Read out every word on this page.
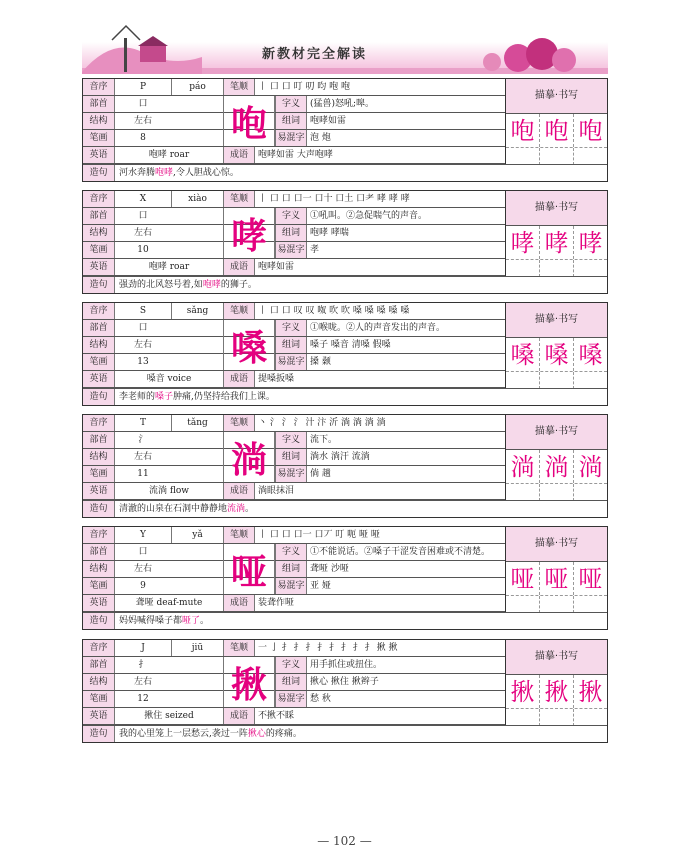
新教材完全解读
音序	P	páo	笔顺	丨 口 口 叮 叨 呁 咆 咆
部首	口	字义	(猛兽)怒吼;嗥。
结构	左右	组词	咆哮如雷
笔画	8	易混字 泡 炮
英语	咆哮 roar	成语	咆哮如雷 大声咆哮
咆
描摹·书写
咆 咆 咆
造句	河水奔腾咆哮,令人胆战心惊。
音序	X	xiào	笔顺	丨 口 口 口一 口十 口土 口耂 哮 哮 哮
部首	口	字义	①吼叫。②急促喘气的声音。
结构	左右	组词	咆哮 哮喘
笔画	10	易混字 孝
英语	咆哮 roar	成语	咆哮如雷
哮
描摹·书写
哮 哮 哮
造句	强劲的北风怒号着,如咆哮的狮子。
音序	S	sǎng	笔顺	丨 口 口 叹 叹 呶 吹 吹 嗓 嗓 嗓 嗓 嗓
部首	口	字义	①喉咙。②人的声音发出的声音。
结构	左右	组词	嗓子 嗓音 清嗓 假嗓
笔画	13	易混字 搡 颡
英语	嗓音 voice	成语	提嗓扳嗓
嗓
描摹·书写
嗓 嗓 嗓
造句	李老师的嗓子肿痛,仍坚持给我们上课。
音序	T	tǎng	笔顺	丶 氵 氵 氵 汁 汴 沂 淌 淌 淌 淌
部首	氵	字义	流下。
结构	左右	组词	淌水 淌汗 流淌
笔画	11	易混字 倘 趟
英语	流淌 flow	成语	淌眼抹泪
淌
描摹·书写
淌 淌 淌
造句	清澈的山泉在石洞中静静地流淌。
音序	Y	yǎ	笔顺	丨 口 口 口一 口丆 叮 呃 哑 哑
部首	口	字义	①不能说话。②嗓子干涩发音困难或不清楚。
结构	左右	组词	聋哑 沙哑
笔画	9	易混字 亚 娅
英语	聋哑 deaf-mute	成语	装聋作哑
哑
描摹·书写
哑 哑 哑
造句	妈妈喊得嗓子都哑了。
音序	J	jiū	笔顺	一 亅 扌 扌 扌 扌 扌 扌 扌 扌 揪 揪
部首	扌	字义	用手抓住或扭住。
结构	左右	组词	揪心 揪住 揪辫子
笔画	12	易混字 愁 秋
英语	揪住 seized	成语	不揪不睬
揪
描摹·书写
揪 揪 揪
造句	我的心里笼上一层愁云,袭过一阵揪心的疼痛。
— 102 —
